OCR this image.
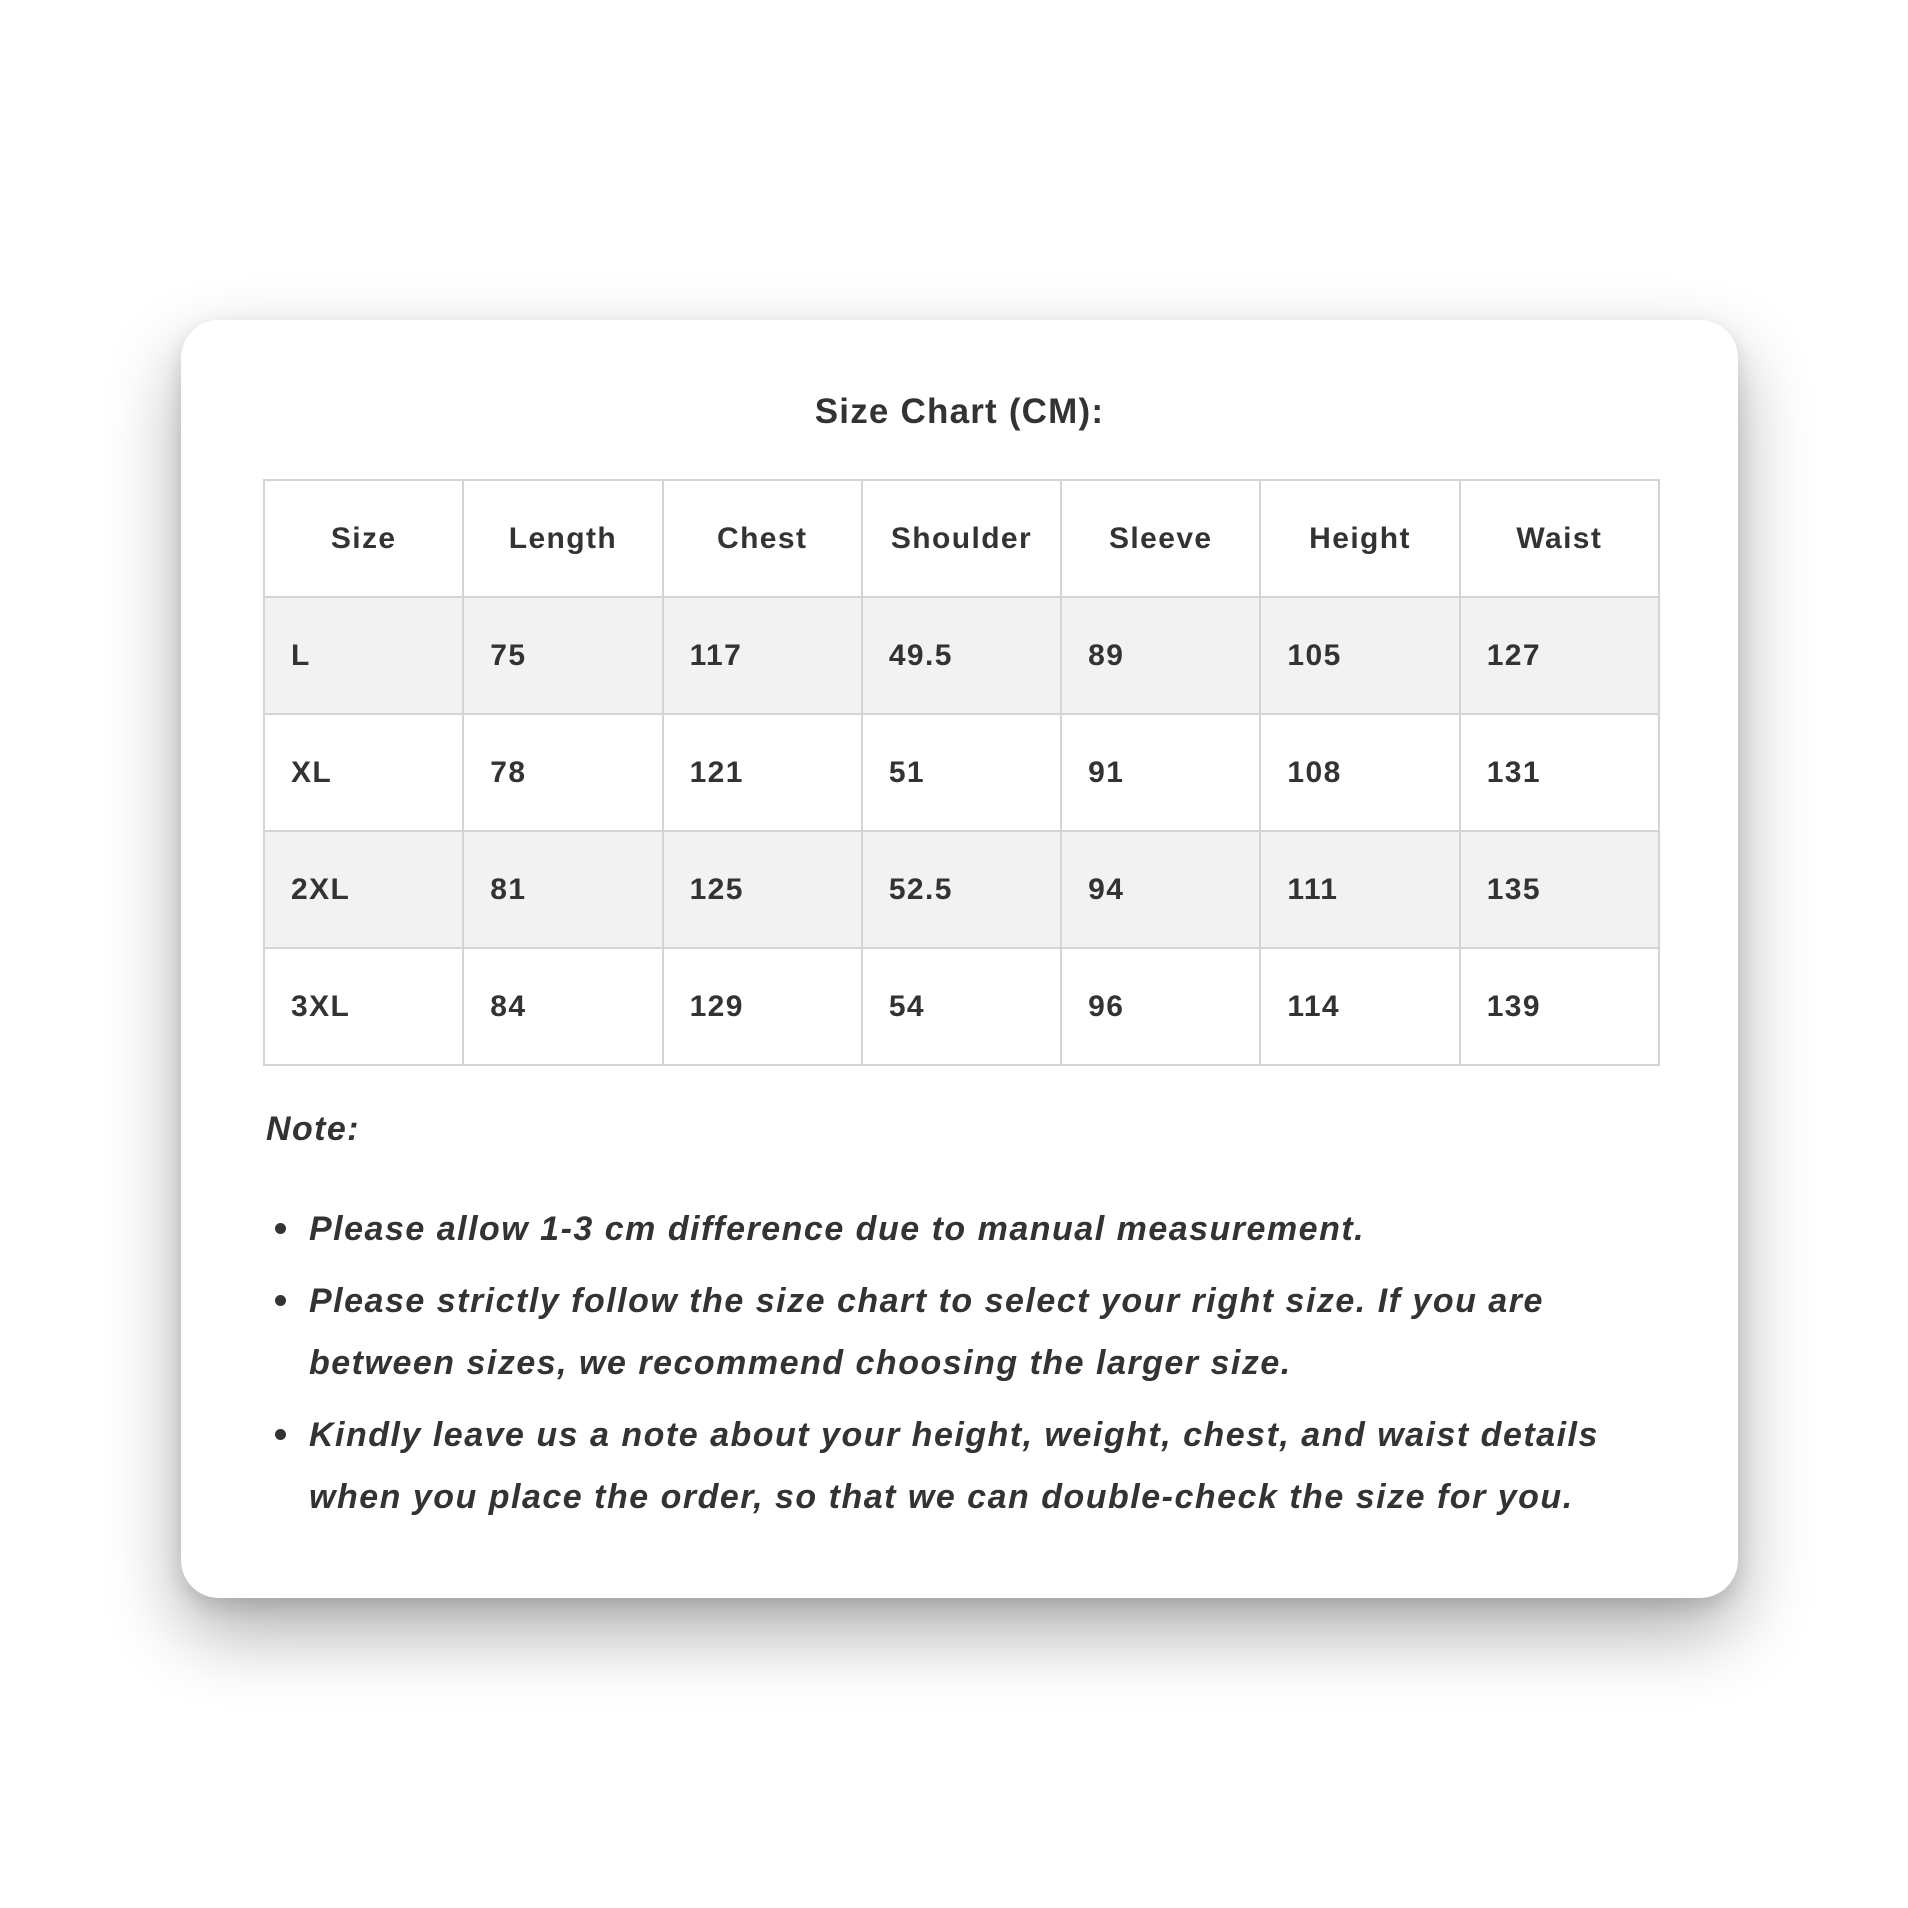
Size Chart (CM):
Size	Length	Chest	Shoulder	Sleeve	Height	Waist
L	75	117	49.5	89	105	127
XL	78	121	51	91	108	131
2XL	81	125	52.5	94	111	135
3XL	84	129	54	96	114	139
Note:
Please allow 1-3 cm difference due to manual measurement.
Please strictly follow the size chart to select your right size. If you are between sizes, we recommend choosing the larger size.
Kindly leave us a note about your height, weight, chest, and waist details when you place the order, so that we can double-check the size for you.
